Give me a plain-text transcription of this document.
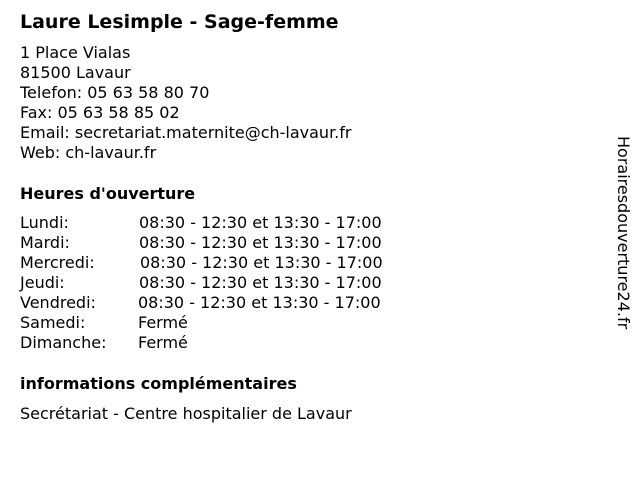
Laure Lesimple - Sage-femme
1 Place Vialas
81500 Lavaur
Telefon: 05 63 58 80 70
Fax: 05 63 58 85 02
Email: secretariat.maternite@ch-lavaur.fr
Web: ch-lavaur.fr
Heures d'ouverture
Lundi:	08:30 - 12:30 et 13:30 - 17:00
Mardi:	08:30 - 12:30 et 13:30 - 17:00
Mercredi:	08:30 - 12:30 et 13:30 - 17:00
Jeudi:	08:30 - 12:30 et 13:30 - 17:00
Vendredi:	08:30 - 12:30 et 13:30 - 17:00
Samedi:	Fermé
Dimanche: Fermé
informations complémentaires
Secrétariat - Centre hospitalier de Lavaur
Horairesdouverture24.fr
